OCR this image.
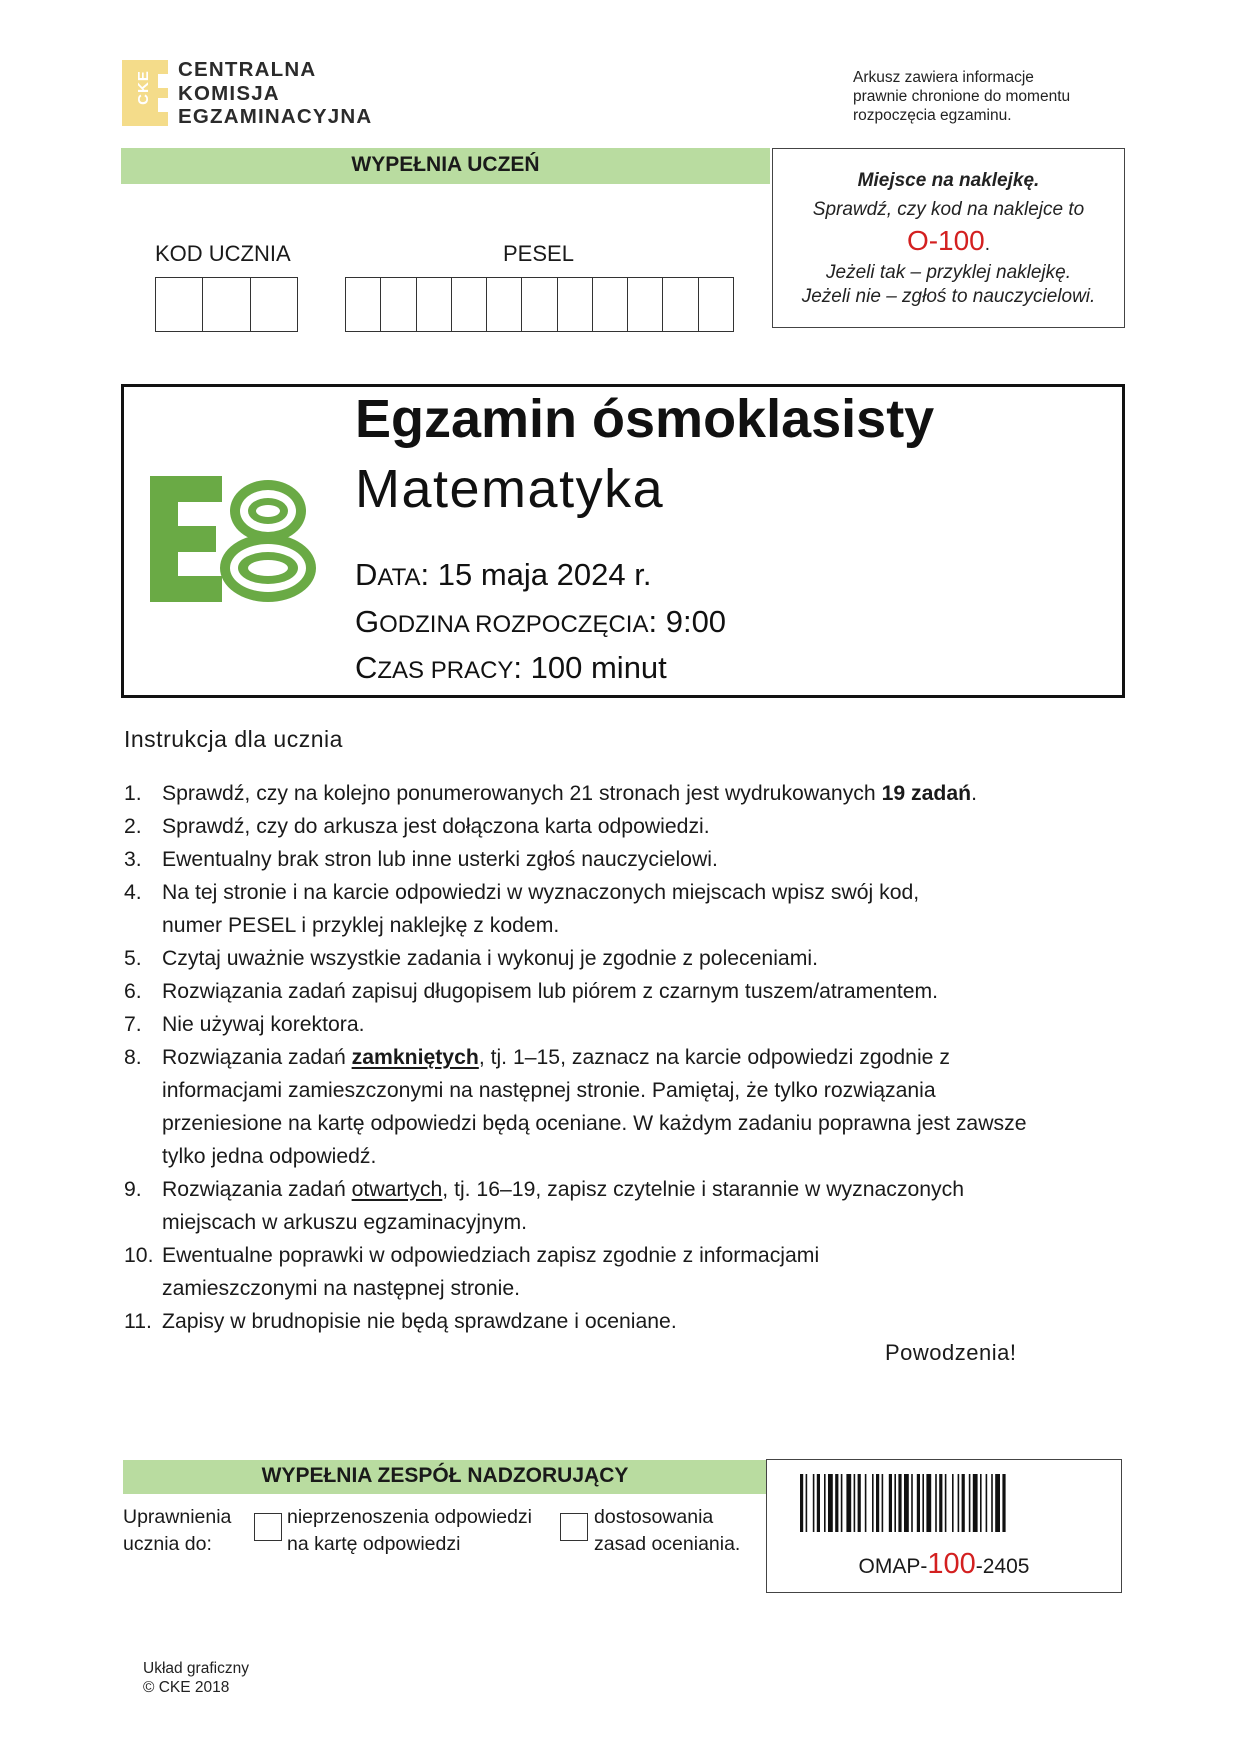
CKE
CENTRALNA
KOMISJA
EGZAMINACYJNA
Arkusz zawiera informacje
prawnie chronione do momentu
rozpoczęcia egzaminu.
WYPEŁNIA UCZEŃ
KOD UCZNIA	PESEL
Miejsce na naklejkę.
Sprawdź, czy kod na naklejce to
O-100.
Jeżeli tak – przyklej naklejkę.
Jeżeli nie – zgłoś to nauczycielowi.
Egzamin ósmoklasisty
Matematyka
DATA: 15 maja 2024 r.
GODZINA ROZPOCZĘCIA: 9:00
CZAS PRACY: 100 minut
Instrukcja dla ucznia
1. Sprawdź, czy na kolejno ponumerowanych 21 stronach jest wydrukowanych 19 zadań.
2. Sprawdź, czy do arkusza jest dołączona karta odpowiedzi.
3. Ewentualny brak stron lub inne usterki zgłoś nauczycielowi.
4. Na tej stronie i na karcie odpowiedzi w wyznaczonych miejscach wpisz swój kod, numer PESEL i przyklej naklejkę z kodem.
5. Czytaj uważnie wszystkie zadania i wykonuj je zgodnie z poleceniami.
6. Rozwiązania zadań zapisuj długopisem lub piórem z czarnym tuszem/atramentem.
7. Nie używaj korektora.
8. Rozwiązania zadań zamkniętych, tj. 1–15, zaznacz na karcie odpowiedzi zgodnie z informacjami zamieszczonymi na następnej stronie. Pamiętaj, że tylko rozwiązania przeniesione na kartę odpowiedzi będą oceniane. W każdym zadaniu poprawna jest zawsze tylko jedna odpowiedź.
9. Rozwiązania zadań otwartych, tj. 16–19, zapisz czytelnie i starannie w wyznaczonych miejscach w arkuszu egzaminacyjnym.
10. Ewentualne poprawki w odpowiedziach zapisz zgodnie z informacjami zamieszczonymi na następnej stronie.
11. Zapisy w brudnopisie nie będą sprawdzane i oceniane.
Powodzenia!
WYPEŁNIA ZESPÓŁ NADZORUJĄCY
Uprawnienia
ucznia do:
nieprzenoszenia odpowiedzi
na kartę odpowiedzi
dostosowania
zasad oceniania.
OMAP-100-2405
Układ graficzny
© CKE 2018
